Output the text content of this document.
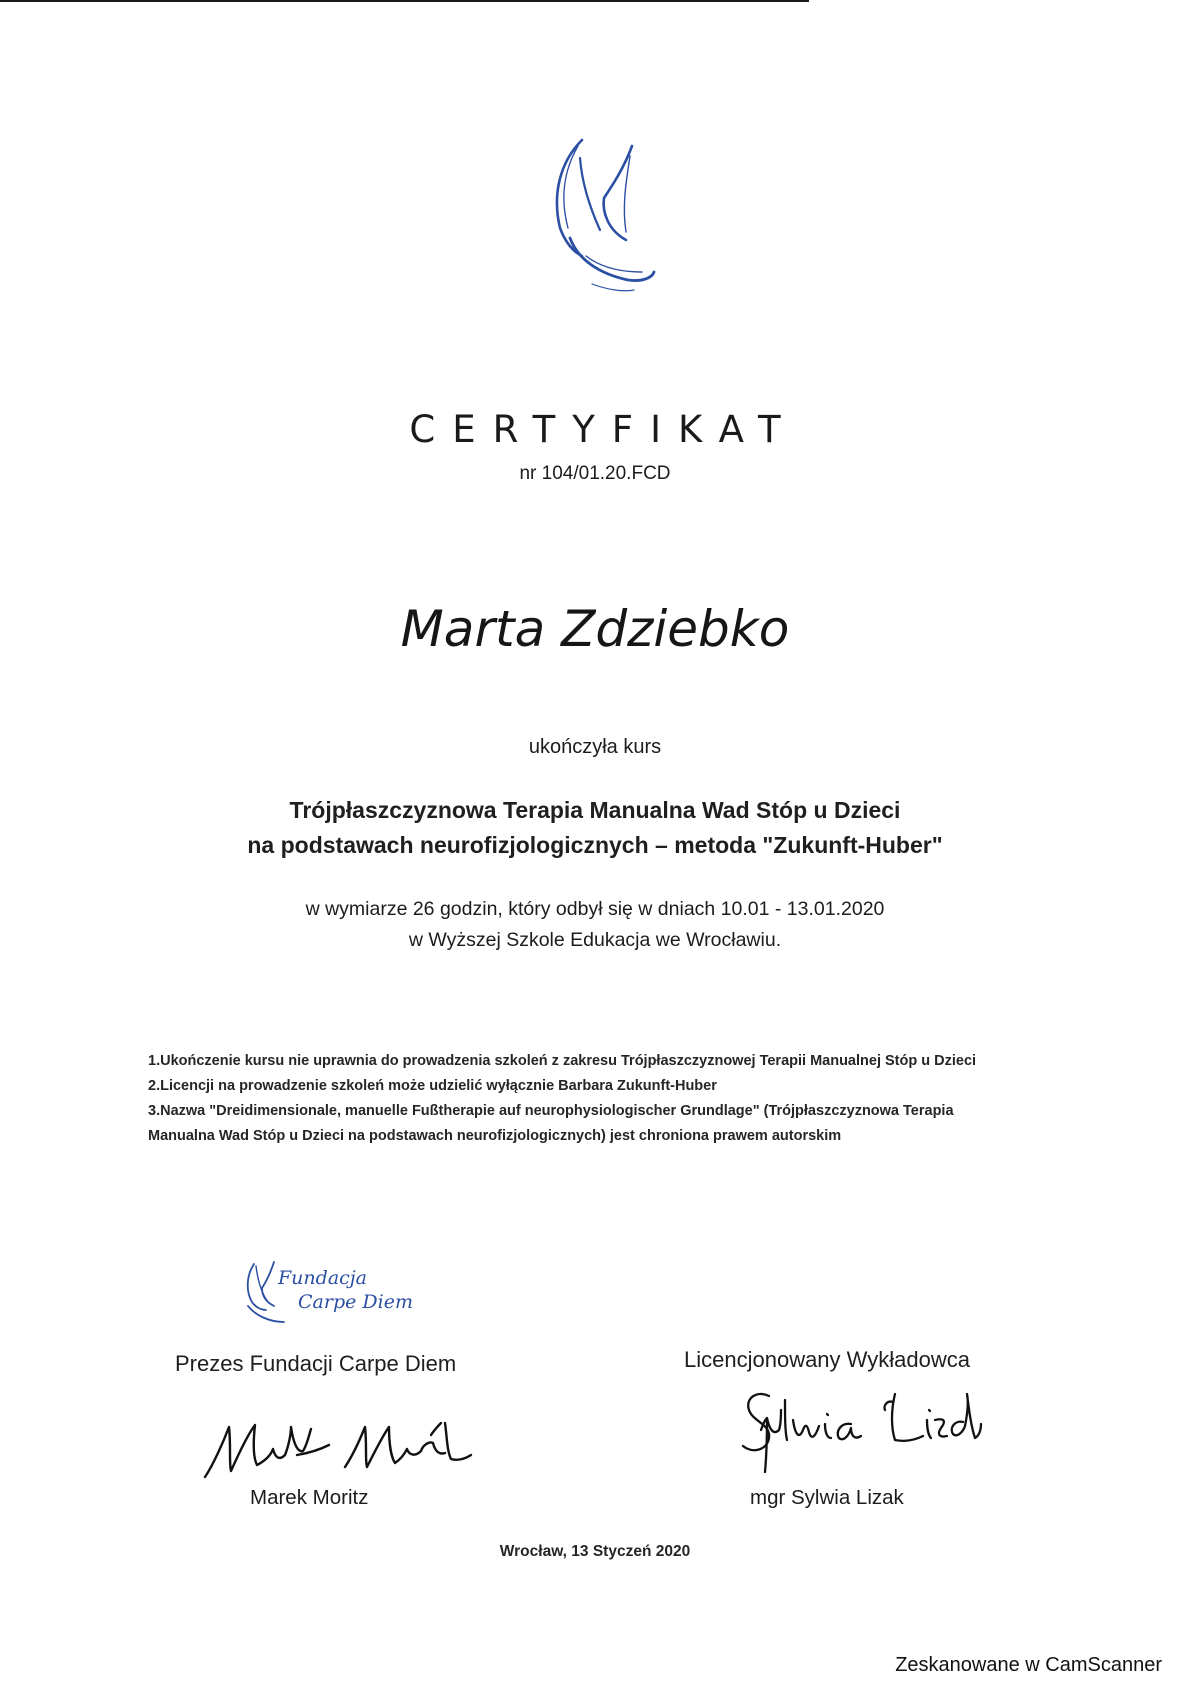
CERTYFIKAT
nr 104/01.20.FCD
Marta Zdziebko
ukończyła kurs
Trójpłaszczyznowa Terapia Manualna Wad Stóp u Dzieci
na podstawach neurofizjologicznych – metoda "Zukunft-Huber"
w wymiarze 26 godzin, który odbył się w dniach 10.01 - 13.01.2020
w Wyższej Szkole Edukacja we Wrocławiu.
1.Ukończenie kursu nie uprawnia do prowadzenia szkoleń z zakresu Trójpłaszczyznowej Terapii Manualnej Stóp u Dzieci
2.Licencji na prowadzenie szkoleń może udzielić wyłącznie Barbara Zukunft-Huber
3.Nazwa "Dreidimensionale, manuelle Fußtherapie auf neurophysiologischer Grundlage" (Trójpłaszczyznowa Terapia
Manualna Wad Stóp u Dzieci na podstawach neurofizjologicznych) jest chroniona prawem autorskim
Fundacja
Carpe Diem
Prezes Fundacji Carpe Diem	Licencjonowany Wykładowca
Marek Moritz	mgr Sylwia Lizak
Wrocław, 13 Styczeń 2020
Zeskanowane w CamScanner
